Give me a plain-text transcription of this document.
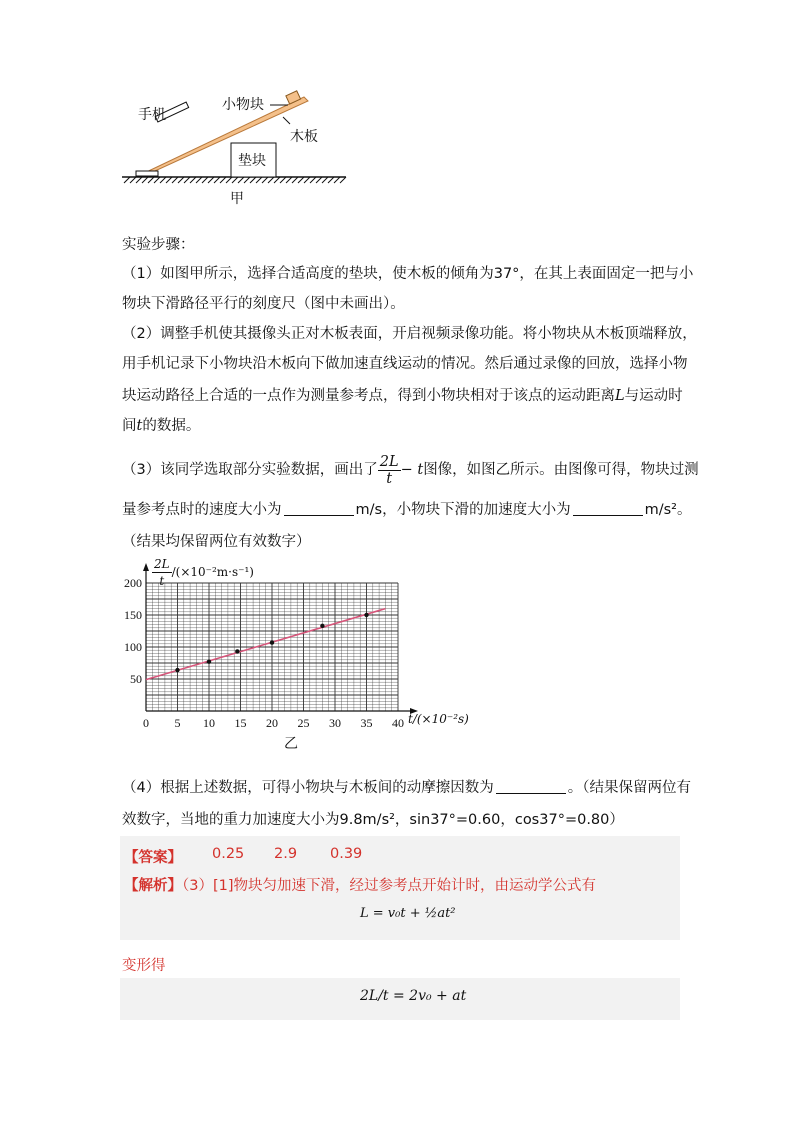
手机
小物块
木板
垫块
甲
实验步骤：
（1）如图甲所示，选择合适高度的垫块，使木板的倾角为37°，在其上表面固定一把与小
物块下滑路径平行的刻度尺（图中未画出）。
（2）调整手机使其摄像头正对木板表面，开启视频录像功能。将小物块从木板顶端释放，
用手机记录下小物块沿木板向下做加速直线运动的情况。然后通过录像的回放，选择小物
块运动路径上合适的一点作为测量参考点，得到小物块相对于该点的运动距离L与运动时
间t的数据。
（3）该同学选取部分实验数据，画出了 $\frac{2L}{t} - t$图像，如图乙所示。由图像可得，物块过测
量参考点时的速度大小为	m/s，小物块下滑的加速度大小为	m/s²。
（结果均保留两位有效数字）
0 5 10 15 20 25 30 35 40
50
100
150
$200 \frac{2L}{t} /(\times 10^{-2}m\cdot s^{-1})$
t/(×10⁻²s)
乙
（4）根据上述数据，可得小物块与木板间的动摩擦因数为	。（结果保留两位有
效数字，当地的重力加速度大小为9.8m/s²，sin37°=0.60，cos37°=0.80）
【答案】 0.25 2.9 0.39
【解析】（3）[1]物块匀加速下滑，经过参考点开始计时，由运动学公式有
L = v₀t + ½at²
变形得
2L/t = 2v₀ + at
